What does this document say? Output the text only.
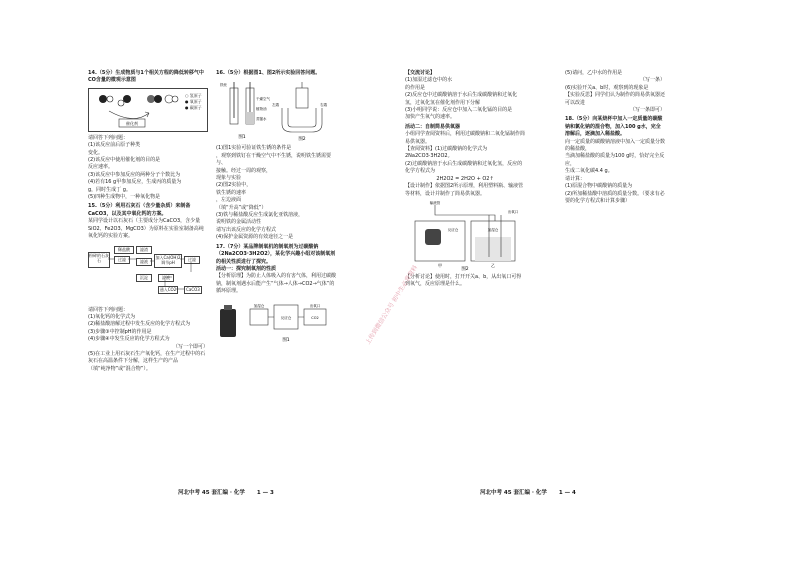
14.（5分）生成物质与1个相关方程的降低转移气中CO含量的微观示意图
催化剂
○ 氢原子
● 氧原子
● 碳原子
请回答下列问题：
(1)该反应前后原子种类
变化。
(2)该反应中使用催化剂的目的是
反应速率。
(3)该反应中参加反应的两种分子个数比为
(4)若有16 g甲参加反应，生成丙的质量为
g，同时生成丁 g。
(5)四种生成物中，一种氧化物是
15.（5分）利用石灰石（含少量杂质）来制备CaCO3，以及其中氧化钙的方案。
某同学设计以石灰石（主要成分为CaCO3，含少量SiO2、Fe2O3、MgCO3）为原料在实验室制备高纯氧化钙的实验方案。
粉碎的石灰石
稀盐酸
过滤
滤渣
滤液
加入Ca(OH)2调节pH
过滤
沉淀	滤液
通入CO2	CaCO3
请回答下列问题：
(1)氧化钙的化学式为
(2)稀盐酸溶解过程中发生反应的化学方程式为
(3)步骤③中控制pH的作用是
(4)步骤④中发生反应的化学方程式为
（写一个即可）
(5)在工业上用石灰石生产氧化钙，在生产过程中的石灰石在高温条件下分解，这样生产的产品
（填“纯净物”或“混合物”）。
16.（5分）根据图1、图2所示实验回答问题。
图1	图2
铁丝
干燥空气
植物油
蒸馏水
左端	右端
(1)图1实验可验证铁生锈的条件是
，观察到铁钉在干燥空气中不生锈，说明铁生锈需要
与、
接触。经过一周的观察，
现象与实验
(2)图2实验中，
铁生锈的速率
，左边液面
（填“升高”或“降低”）
(3)铁与稀盐酸反应生成氯化亚铁溶液，
说明铁的金属活动性
请写出该反应的化学方程式
(4)保护金属资源的有效途径之一是
17.（7分）某品牌制氧机的制氧剂为过碳酸钠（2Na2CO3·3H2O2），某化学兴趣小组对该制氧剂的相关性质进行了探究。
活动一：探究制氧剂的性质
【分析原理】为防止人体吸入的有害气体，利用过碳酸钠，制氧剂遇水后能产生“气体→人体→CO2→气体”的循环原理。
加湿仓
反应仓
出氧口
CO2
图1
河北中考 45 套汇编 · 化学 1 — 3
【交流讨论】
(1)加湿过滤仓中的水
的作用是
(2)反应仓中过碳酸钠溶于水后生成碳酸钠和过氧化氢，过氧化氢在催化剂作用下分解
(3)小明同学说：反应仓中加入二氧化锰的目的是
加快产生氧气的速率。
活动二：自制简易供氧器
小组同学查阅资料后，利用过碳酸钠和二氧化锰制作简易供氧器。
【查阅资料】(1)过碳酸钠的化学式为2Na2CO3·3H2O2。
(2)过碳酸钠溶于水后生成碳酸钠和过氧化氢，反应的化学方程式为
2H2O2 = 2H2O + O2↑
【设计制作】依据图2所示原理，利用塑料瓶、输液管等材料，设计并制作了简易供氧器。
输液管
加湿仓
反应仓
甲	乙
出氧口
图2
【分析讨论】使用时，打开开关a、b，从出氧口可得到氧气，反应原理是什么。
(5)请问，乙中水的作用是
（写一条）
(6)实验开关a、b时，观察到的现象是
【实验反思】同学们认为制作的简易供氧器还可以改进
（写一条即可）
18.（5分）向某烧杯中加入一定质量的碳酸钠和氯化钠的混合物，加入100 g水，完全溶解后，逐滴加入稀盐酸。
向一定质量的碳酸钠溶液中加入一定质量分数的稀盐酸，
当滴加稀盐酸的质量为100 g时，恰好完全反应，
生成二氧化碳4.4 g。
请计算：
(1)原混合物中碳酸钠的质量为
(2)所加稀盐酸中溶质的质量分数。（要求有必要的化学方程式和计算步骤）
河北中考 45 套汇编 · 化学 1 — 4
上传到微信公众号 初中生必背资料
